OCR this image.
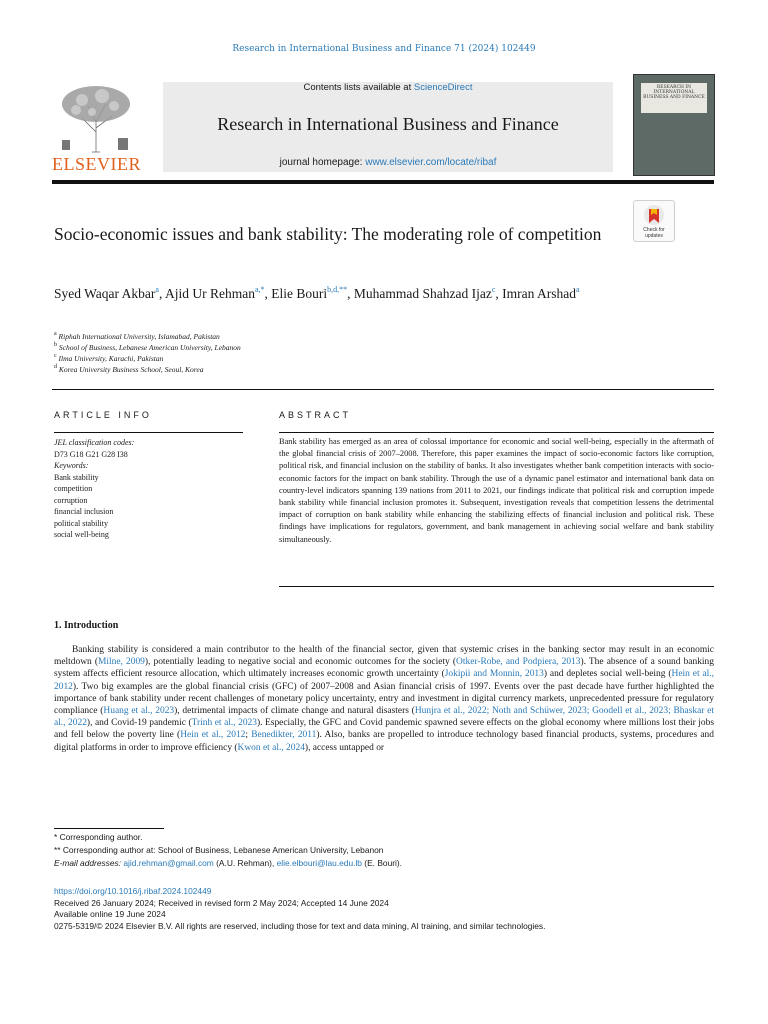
Research in International Business and Finance 71 (2024) 102449
ELSEVIER
Contents lists available at ScienceDirect
Research in International Business and Finance
journal homepage: www.elsevier.com/locate/ribaf
RESEARCH IN INTERNATIONAL BUSINESS AND FINANCE
Check for updates
Socio-economic issues and bank stability: The moderating role of competition
Syed Waqar Akbar$^a$, Ajid Ur Rehman$^{a,*}$, Elie Bouri$^{b,d,**}$, Muhammad Shahzad Ijaz$^c$, Imran Arshad$^a$
$^a$ Riphah International University, Islamabad, Pakistan
$^b$ School of Business, Lebanese American University, Lebanon
$^c$ Ilma University, Karachi, Pakistan
$^d$ Korea University Business School, Seoul, Korea
ARTICLE INFO	ABSTRACT
JEL classification codes:
D73 G18 G21 G28 I38
Keywords:
Bank stability
competition
corruption
financial inclusion
political stability
social well-being
Bank stability has emerged as an area of colossal importance for economic and social well-being, especially in the aftermath of the global financial crisis of 2007–2008. Therefore, this paper examines the impact of socio-economic factors like corruption, political risk, and financial inclusion on the stability of banks. It also investigates whether bank competition interacts with socio-economic factors for the impact on bank stability. Through the use of a dynamic panel estimator and international bank data on country-level indicators spanning 139 nations from 2011 to 2021, our findings indicate that political risk and corruption impede bank stability while financial inclusion promotes it. Subsequent, investigation reveals that competition lessens the detrimental impact of corruption on bank stability while enhancing the stabilizing effects of financial inclusion and political risk. These findings have implications for regulators, government, and bank management in achieving social welfare and bank stability simultaneously.
1. Introduction
Banking stability is considered a main contributor to the health of the financial sector, given that systemic crises in the banking sector may result in an economic meltdown (Milne, 2009), potentially leading to negative social and economic outcomes for the society (Otker-Robe, and Podpiera, 2013). The absence of a sound banking system affects efficient resource allocation, which ultimately increases economic growth uncertainty (Jokipii and Monnin, 2013) and depletes social well-being (Hein et al., 2012). Two big examples are the global financial crisis (GFC) of 2007–2008 and Asian financial crisis of 1997. Events over the past decade have further highlighted the importance of bank stability under recent challenges of monetary policy uncertainty, entry and investment in digital currency markets, unprecedented pressure for regulatory compliance (Huang et al., 2023), detrimental impacts of climate change and natural disasters (Hunjra et al., 2022; Noth and Schüwer, 2023; Goodell et al., 2023; Bhaskar et al., 2022), and Covid-19 pandemic (Trinh et al., 2023). Especially, the GFC and Covid pandemic spawned severe effects on the global economy where millions lost their jobs and fell below the poverty line (Hein et al., 2012; Benedikter, 2011). Also, banks are propelled to introduce technology based financial products, systems, procedures and digital platforms in order to improve efficiency (Kwon et al., 2024), access untapped or
* Corresponding author.
** Corresponding author at: School of Business, Lebanese American University, Lebanon
E-mail addresses: ajid.rehman@gmail.com (A.U. Rehman), elie.elbouri@lau.edu.lb (E. Bouri).
https://doi.org/10.1016/j.ribaf.2024.102449
Received 26 January 2024; Received in revised form 2 May 2024; Accepted 14 June 2024
Available online 19 June 2024
0275-5319/© 2024 Elsevier B.V. All rights are reserved, including those for text and data mining, AI training, and similar technologies.
